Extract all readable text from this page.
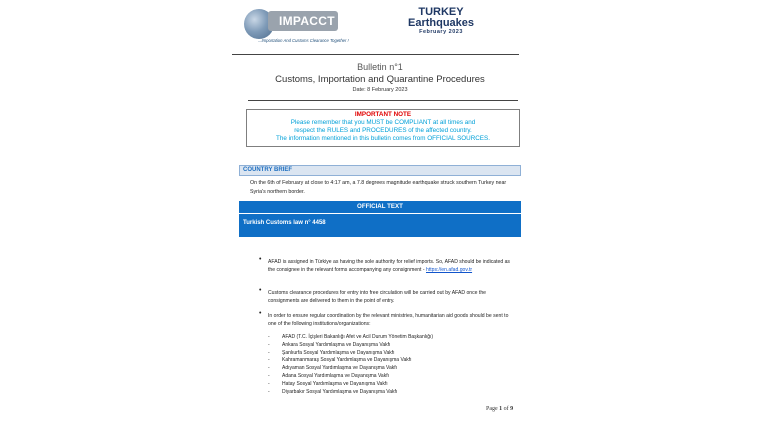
IMPACCT
...Importation And Customs Clearance Together !
TURKEY
Earthquakes
February 2023
Bulletin n°1
Customs, Importation and Quarantine Procedures
Date: 8 February 2023
IMPORTANT NOTE
Please remember that you MUST be COMPLIANT at all times and
respect the RULES and PROCEDURES of the affected country.
The information mentioned in this bulletin comes from OFFICIAL SOURCES.
COUNTRY BRIEF
On the 6th of February at close to 4:17 am, a 7.8 degrees magnitude earthquake struck southern Turkey near Syria's northern border.
OFFICIAL TEXT
Turkish Customs law n° 4458
•	AFAD is assigned in Türkiye as having the sole authority for relief imports. So, AFAD should be indicated as the consignee in the relevant forms accompanying any consignment - https://en.afad.gov.tr
•	Customs clearance procedures for entry into free circulation will be carried out by AFAD once the consignments are delivered to them in the point of entry.
•	In order to ensure regular coordination by the relevant ministries, humanitarian aid goods should be sent to one of the following institutions/organizations:
- AFAD (T.C. İçişleri Bakanlığı Afet ve Acil Durum Yönetim Başkanlığı)
- Ankara Sosyal Yardımlaşma ve Dayanışma Vakfı
- Şanlıurfa Sosyal Yardımlaşma ve Dayanışma Vakfı
- Kahramanmaraş Sosyal Yardımlaşma ve Dayanışma Vakfı
- Adıyaman Sosyal Yardımlaşma ve Dayanışma Vakfı
- Adana Sosyal Yardımlaşma ve Dayanışma Vakfı
- Hatay Sosyal Yardımlaşma ve Dayanışma Vakfı
- Diyarbakır Sosyal Yardımlaşma ve Dayanışma Vakfı
Page 1 of 9
